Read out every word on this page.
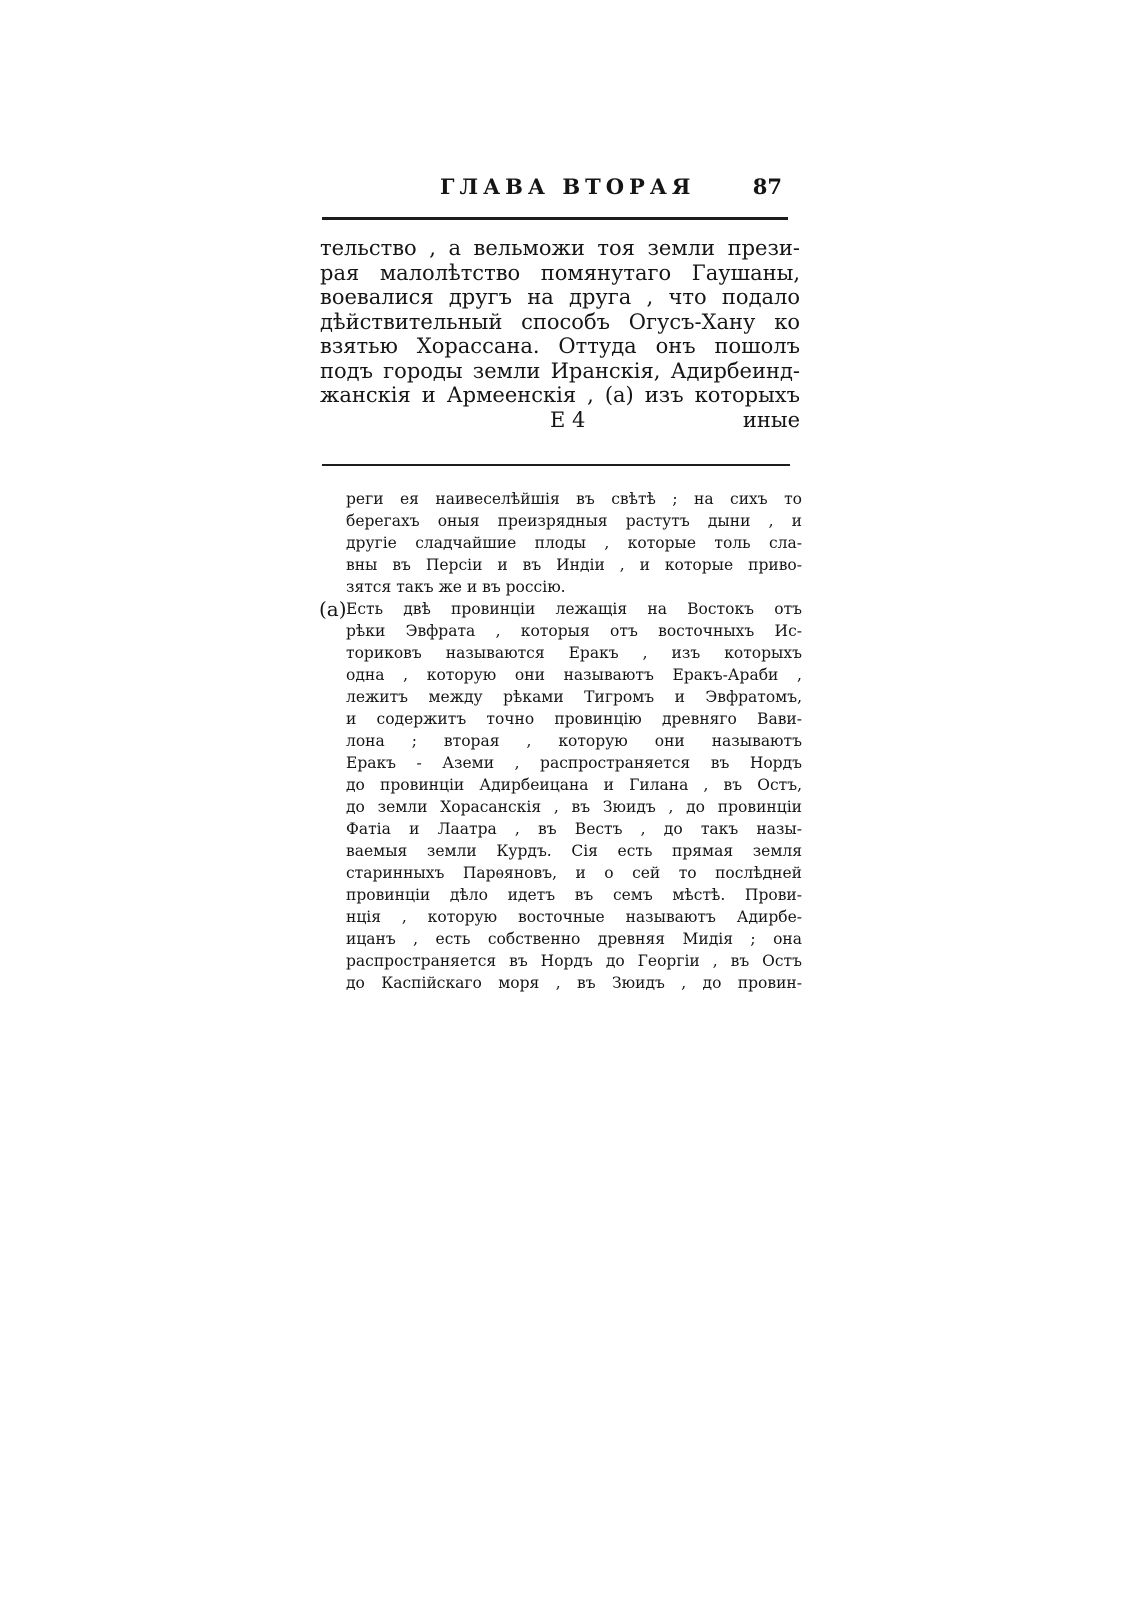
ГЛАВА ВТОРАЯ	87
тельство , а вельможи тоя земли прези-
рая малолѣтство помянутаго Гаушаны,
воевалися другъ на друга , что подало
дѣйствительный способъ Огусъ-Хану ко
взятью Хорассана. Оттуда онъ пошолъ
подъ городы земли Иранскія, Адирбеинд-
жанскія и Армеенскія , (а) изъ которыхъ
E 4	иные
реги ея наивеселѣйшія въ свѣтѣ ; на сихъ то
берегахъ оныя преизрядныя растутъ дыни , и
другіе сладчайшие плоды , которые толь сла-
вны въ Персіи и въ Индіи , и которые приво-
зятся такъ же и въ россію.
(а) Есть двѣ провинціи лежащія на Востокъ отъ
рѣки Эвфрата , которыя отъ восточныхъ Ис-
ториковъ называются Еракъ , изъ которыхъ
одна , которую они называютъ Еракъ-Араби ,
лежитъ между рѣками Тигромъ и Эвфратомъ,
и содержитъ точно провинцію древняго Вави-
лона ; вторая , которую они называютъ
Еракъ - Аземи , распространяется въ Нордъ
до провинціи Адирбеицана и Гилана , въ Остъ,
до земли Хорасанскія , въ Зюидъ , до провинціи
Фатіа и Лаатра , въ Вестъ , до такъ назы-
ваемыя земли Курдъ. Сія есть прямая земля
старинныхъ Парѳяновъ, и о сей то послѣдней
провинціи дѣло идетъ въ семъ мѣстѣ. Прови-
нція , которую восточные называютъ Адирбе-
ицанъ , есть собственно древняя Мидія ; она
распространяется въ Нордъ до Георгіи , въ Остъ
до Каспійскаго моря , въ Зюидъ , до провин-
